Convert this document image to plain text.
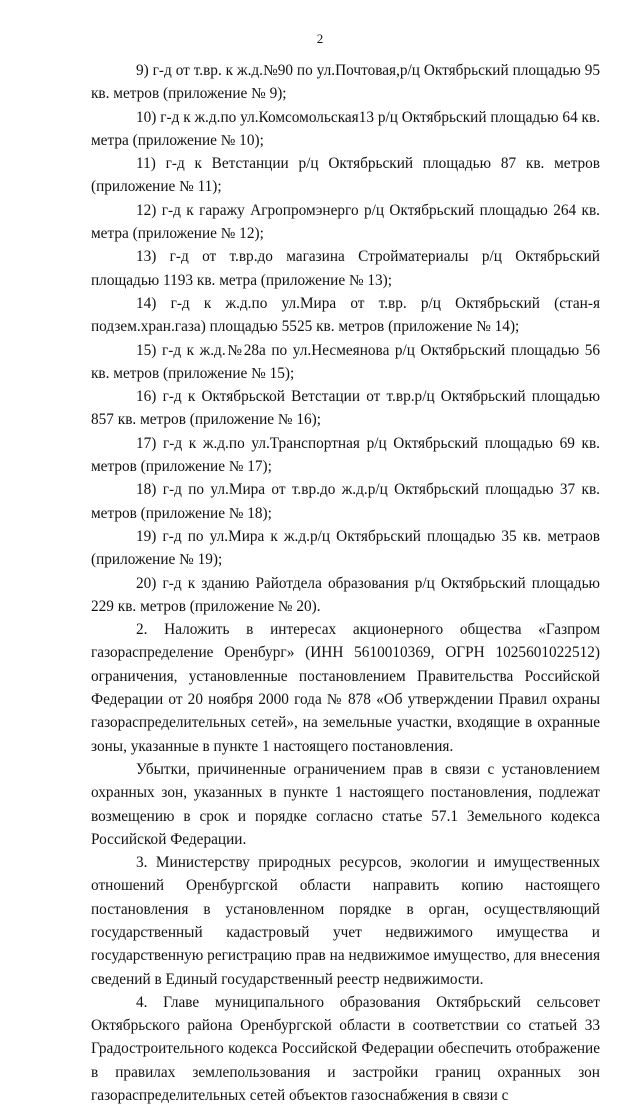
2

9) г-д от т.вр. к ж.д.№90 по ул.Почтовая,р/ц Октябрьский площадью 95 кв. метров (приложение № 9);

10) г-д к ж.д.по ул.Комсомольская13 р/ц Октябрьский площадью 64 кв. метра (приложение № 10);

11) г-д к Ветстанции р/ц Октябрьский площадью 87 кв. метров (приложение № 11);

12) г-д к гаражу Агропромэнерго р/ц Октябрьский площадью 264 кв. метра (приложение № 12);

13) г-д от т.вр.до магазина Стройматериалы р/ц Октябрьский площадью 1193 кв. метра (приложение № 13);

14) г-д к ж.д.по ул.Мира от т.вр. р/ц Октябрьский (стан-я подзем.хран.газа) площадью 5525 кв. метров (приложение № 14);

15) г-д к ж.д.№28а по ул.Несмеянова р/ц Октябрьский площадью 56 кв. метров (приложение № 15);

16) г-д к Октябрьской Ветстации от т.вр.р/ц Октябрьский площадью 857 кв. метров (приложение № 16);

17) г-д к ж.д.по ул.Транспортная р/ц Октябрьский площадью 69 кв. метров (приложение № 17);

18) г-д по ул.Мира от т.вр.до ж.д.р/ц Октябрьский площадью 37 кв. метров (приложение № 18);

19) г-д по ул.Мира к ж.д.р/ц Октябрьский площадью 35 кв. метраов (приложение № 19);

20) г-д к зданию Райотдела образования р/ц Октябрьский площадью 229 кв. метров (приложение № 20).

2. Наложить в интересах акционерного общества «Газпром газораспределение Оренбург» (ИНН 5610010369, ОГРН 1025601022512) ограничения, установленные постановлением Правительства Российской Федерации от 20 ноября 2000 года № 878 «Об утверждении Правил охраны газораспределительных сетей», на земельные участки, входящие в охранные зоны, указанные в пункте 1 настоящего постановления.

Убытки, причиненные ограничением прав в связи с установлением охранных зон, указанных в пункте 1 настоящего постановления, подлежат возмещению в срок и порядке согласно статье 57.1 Земельного кодекса Российской Федерации.

3. Министерству природных ресурсов, экологии и имущественных отношений Оренбургской области направить копию настоящего постановления в установленном порядке в орган, осуществляющий государственный кадастровый учет недвижимого имущества и государственную регистрацию прав на недвижимое имущество, для внесения сведений в Единый государственный реестр недвижимости.

4. Главе муниципального образования Октябрьский сельсовет Октябрьского района Оренбургской области в соответствии со статьей 33 Градостроительного кодекса Российской Федерации обеспечить отображение в правилах землепользования и застройки границ охранных зон газораспределительных сетей объектов газоснабжения в связи с
